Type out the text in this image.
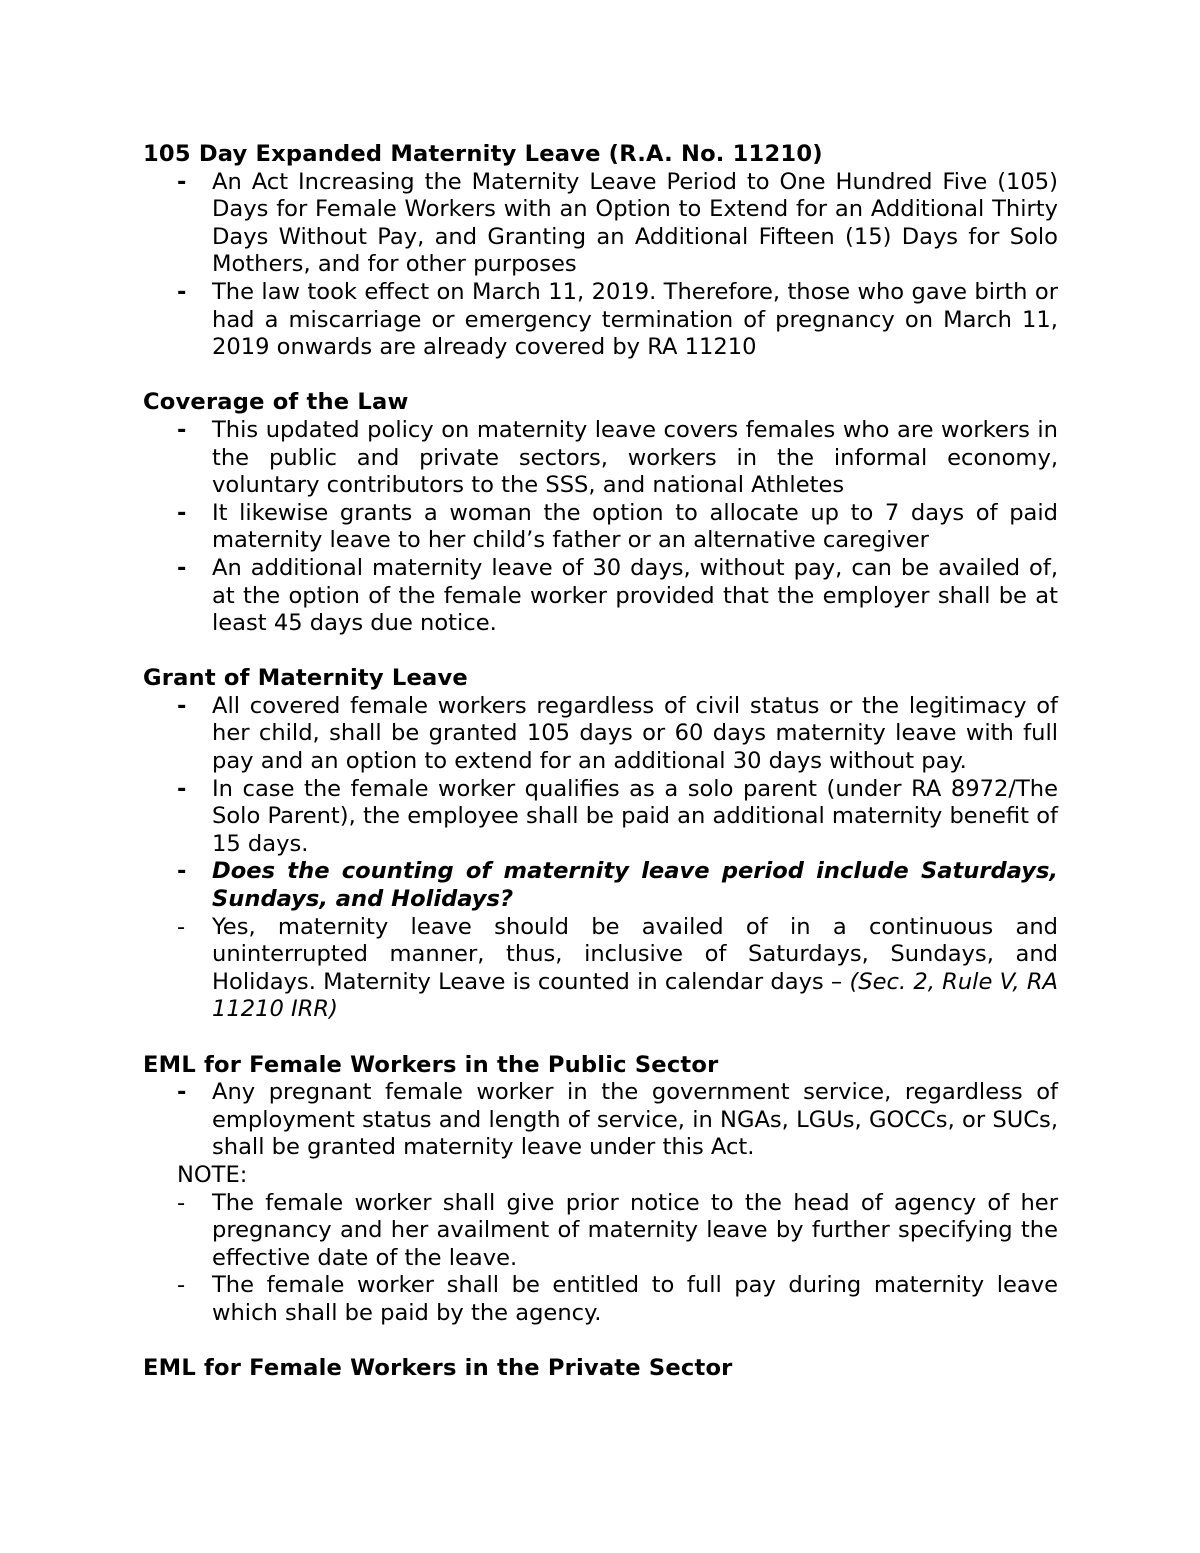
105 Day Expanded Maternity Leave (R.A. No. 11210)
- An Act Increasing the Maternity Leave Period to One Hundred Five (105) Days for Female Workers with an Option to Extend for an Additional Thirty Days Without Pay, and Granting an Additional Fifteen (15) Days for Solo Mothers, and for other purposes
- The law took effect on March 11, 2019. Therefore, those who gave birth or had a miscarriage or emergency termination of pregnancy on March 11, 2019 onwards are already covered by RA 11210
Coverage of the Law
- This updated policy on maternity leave covers females who are workers in the public and private sectors, workers in the informal economy, voluntary contributors to the SSS, and national Athletes
- It likewise grants a woman the option to allocate up to 7 days of paid maternity leave to her child’s father or an alternative caregiver
- An additional maternity leave of 30 days, without pay, can be availed of, at the option of the female worker provided that the employer shall be at least 45 days due notice.
Grant of Maternity Leave
- All covered female workers regardless of civil status or the legitimacy of her child, shall be granted 105 days or 60 days maternity leave with full pay and an option to extend for an additional 30 days without pay.
- In case the female worker qualifies as a solo parent (under RA 8972/The Solo Parent), the employee shall be paid an additional maternity benefit of 15 days.
- Does the counting of maternity leave period include Saturdays, Sundays, and Holidays?
- Yes, maternity leave should be availed of in a continuous and uninterrupted manner, thus, inclusive of Saturdays, Sundays, and Holidays. Maternity Leave is counted in calendar days – (Sec. 2, Rule V, RA 11210 IRR)
EML for Female Workers in the Public Sector
- Any pregnant female worker in the government service, regardless of employment status and length of service, in NGAs, LGUs, GOCCs, or SUCs, shall be granted maternity leave under this Act.
NOTE:
- The female worker shall give prior notice to the head of agency of her pregnancy and her availment of maternity leave by further specifying the effective date of the leave.
- The female worker shall be entitled to full pay during maternity leave which shall be paid by the agency.
EML for Female Workers in the Private Sector
